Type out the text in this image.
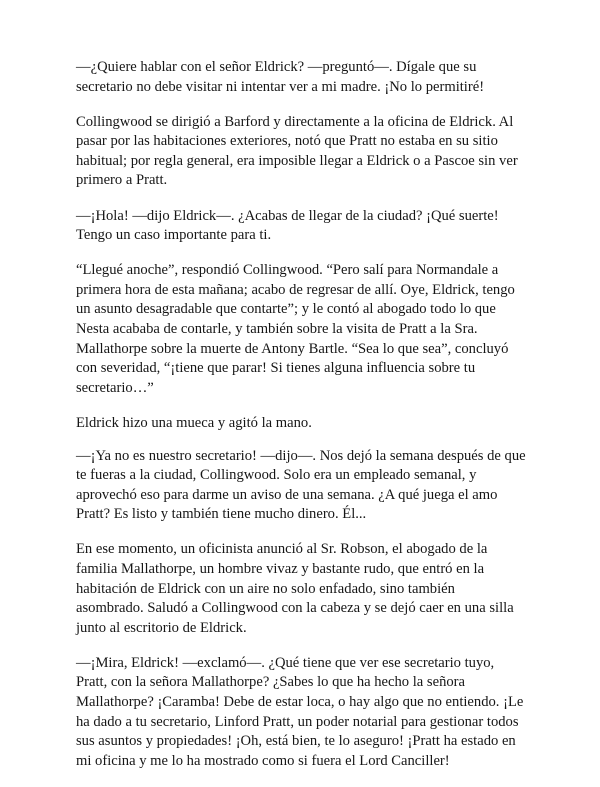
—¿Quiere hablar con el señor Eldrick? —preguntó—. Dígale que su secretario no debe visitar ni intentar ver a mi madre. ¡No lo permitiré!

Collingwood se dirigió a Barford y directamente a la oficina de Eldrick. Al pasar por las habitaciones exteriores, notó que Pratt no estaba en su sitio habitual; por regla general, era imposible llegar a Eldrick o a Pascoe sin ver primero a Pratt.

—¡Hola! —dijo Eldrick—. ¿Acabas de llegar de la ciudad? ¡Qué suerte! Tengo un caso importante para ti.

“Llegué anoche”, respondió Collingwood. “Pero salí para Normandale a primera hora de esta mañana; acabo de regresar de allí. Oye, Eldrick, tengo un asunto desagradable que contarte”; y le contó al abogado todo lo que Nesta acababa de contarle, y también sobre la visita de Pratt a la Sra. Mallathorpe sobre la muerte de Antony Bartle. “Sea lo que sea”, concluyó con severidad, “¡tiene que parar! Si tienes alguna influencia sobre tu secretario…”

Eldrick hizo una mueca y agitó la mano.

—¡Ya no es nuestro secretario! —dijo—. Nos dejó la semana después de que te fueras a la ciudad, Collingwood. Solo era un empleado semanal, y aprovechó eso para darme un aviso de una semana. ¿A qué juega el amo Pratt? Es listo y también tiene mucho dinero. Él...

En ese momento, un oficinista anunció al Sr. Robson, el abogado de la familia Mallathorpe, un hombre vivaz y bastante rudo, que entró en la habitación de Eldrick con un aire no solo enfadado, sino también asombrado. Saludó a Collingwood con la cabeza y se dejó caer en una silla junto al escritorio de Eldrick.

—¡Mira, Eldrick! —exclamó—. ¿Qué tiene que ver ese secretario tuyo, Pratt, con la señora Mallathorpe? ¿Sabes lo que ha hecho la señora Mallathorpe? ¡Caramba! Debe de estar loca, o hay algo que no entiendo. ¡Le ha dado a tu secretario, Linford Pratt, un poder notarial para gestionar todos sus asuntos y propiedades! ¡Oh, está bien, te lo aseguro! ¡Pratt ha estado en mi oficina y me lo ha mostrado como si fuera el Lord Canciller!
